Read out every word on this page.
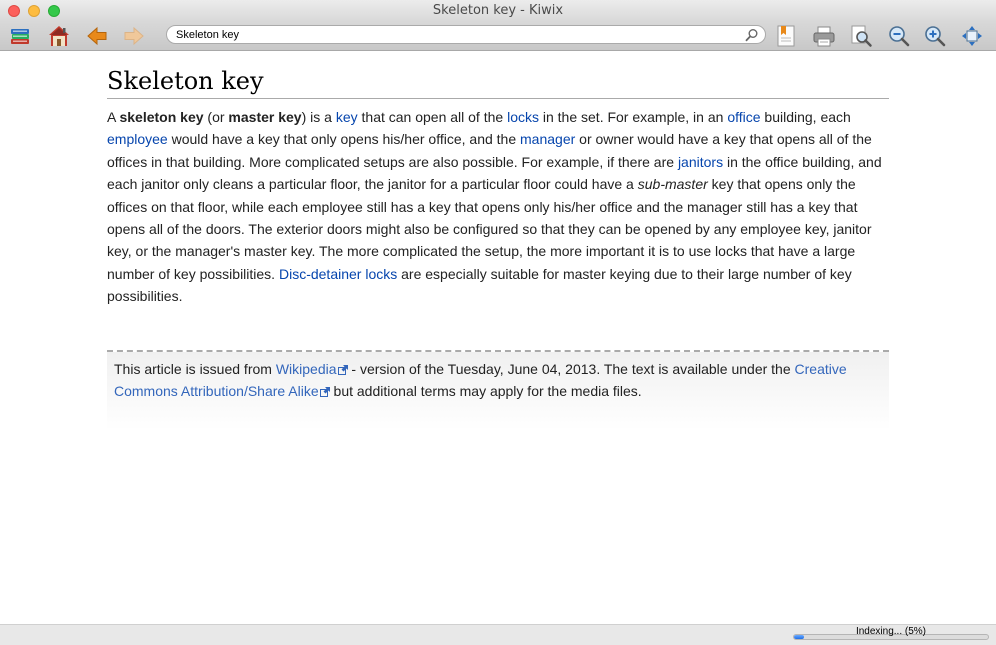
Skeleton key - Kiwix
Skeleton key
Skeleton key

A skeleton key (or master key) is a key that can open all of the locks in the set. For example, in an office building, each employee would have a key that only opens his/her office, and the manager or owner would have a key that opens all of the offices in that building. More complicated setups are also possible. For example, if there are janitors in the office building, and each janitor only cleans a particular floor, the janitor for a particular floor could have a sub-master key that opens only the offices on that floor, while each employee still has a key that opens only his/her office and the manager still has a key that opens all of the doors. The exterior doors might also be configured so that they can be opened by any employee key, janitor key, or the manager's master key. The more complicated the setup, the more important it is to use locks that have a large number of key possibilities. Disc-detainer locks are especially suitable for master keying due to their large number of key possibilities.

This article is issued from Wikipedia - version of the Tuesday, June 04, 2013. The text is available under the Creative Commons Attribution/Share Alike but additional terms may apply for the media files.

Indexing... (5%)
